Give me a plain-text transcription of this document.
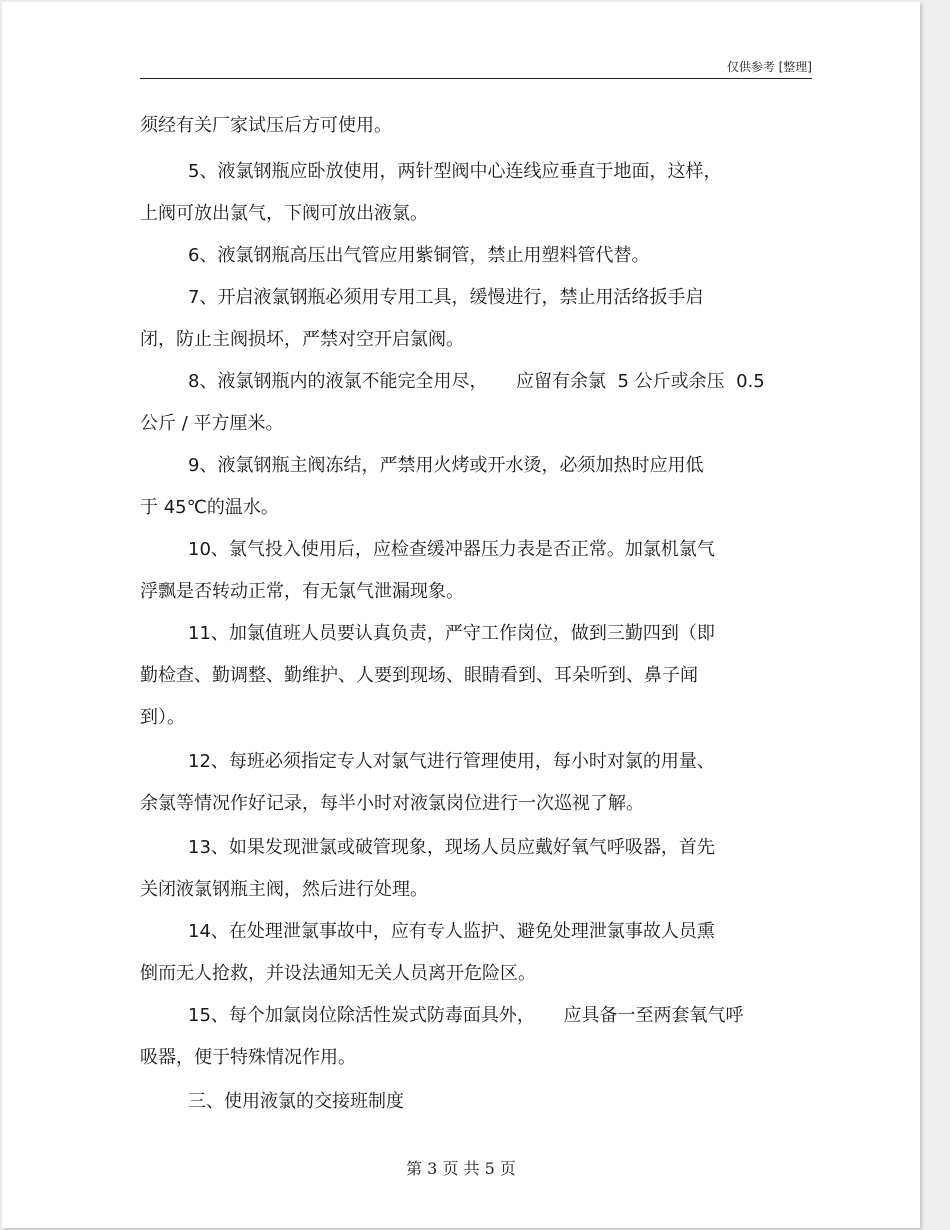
仅供参考 [整理]
须经有关厂家试压后方可使用。
5、液氯钢瓶应卧放使用，两针型阀中心连线应垂直于地面，这样，
上阀可放出氯气，下阀可放出液氯。
6、液氯钢瓶高压出气管应用紫铜管，禁止用塑料管代替。
7、开启液氯钢瓶必须用专用工具，缓慢进行，禁止用活络扳手启
闭，防止主阀损坏，严禁对空开启氯阀。
8、液氯钢瓶内的液氯不能完全用尽，     应留有余氯  5 公斤或余压  0.5
公斤 / 平方厘米。
9、液氯钢瓶主阀冻结，严禁用火烤或开水烫，必须加热时应用低
于 45℃的温水。
10、氯气投入使用后，应检查缓冲器压力表是否正常。加氯机氯气
浮飘是否转动正常，有无氯气泄漏现象。
11、加氯值班人员要认真负责，严守工作岗位，做到三勤四到（即
勤检查、勤调整、勤维护、人要到现场、眼睛看到、耳朵听到、鼻子闻
到）。
12、每班必须指定专人对氯气进行管理使用，每小时对氯的用量、
余氯等情况作好记录，每半小时对液氯岗位进行一次巡视了解。
13、如果发现泄氯或破管现象，现场人员应戴好氧气呼吸器，首先
关闭液氯钢瓶主阀，然后进行处理。
14、在处理泄氯事故中，应有专人监护、避免处理泄氯事故人员熏
倒而无人抢救，并设法通知无关人员离开危险区。
15、每个加氯岗位除活性炭式防毒面具外，     应具备一至两套氧气呼
吸器，便于特殊情况作用。
三、使用液氯的交接班制度
第 3 页 共 5 页
